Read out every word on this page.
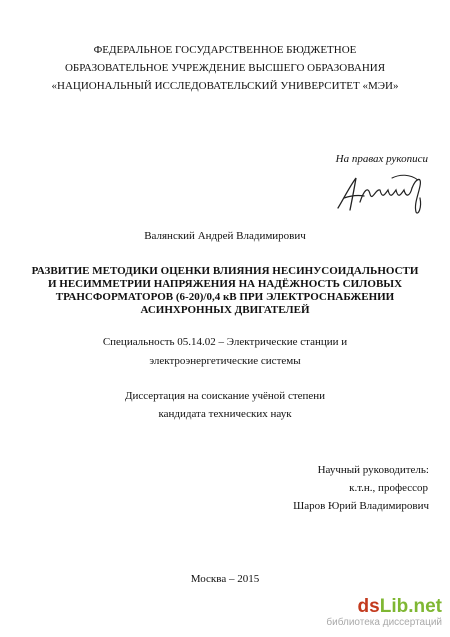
ФЕДЕРАЛЬНОЕ ГОСУДАРСТВЕННОЕ БЮДЖЕТНОЕ
ОБРАЗОВАТЕЛЬНОЕ УЧРЕЖДЕНИЕ ВЫСШЕГО ОБРАЗОВАНИЯ
«НАЦИОНАЛЬНЫЙ ИССЛЕДОВАТЕЛЬСКИЙ УНИВЕРСИТЕТ «МЭИ»
На правах рукописи
Валянский Андрей Владимирович
РАЗВИТИЕ МЕТОДИКИ ОЦЕНКИ ВЛИЯНИЯ НЕСИНУСОИДАЛЬНОСТИ
И НЕСИММЕТРИИ НАПРЯЖЕНИЯ НА НАДЁЖНОСТЬ СИЛОВЫХ
ТРАНСФОРМАТОРОВ (6-20)/0,4 кВ ПРИ ЭЛЕКТРОСНАБЖЕНИИ
АСИНХРОННЫХ ДВИГАТЕЛЕЙ
Специальность 05.14.02 – Электрические станции и
электроэнергетические системы
Диссертация на соискание учёной степени
кандидата технических наук
Научный руководитель:
к.т.н., профессор
Шаров Юрий Владимирович
Москва – 2015
dsLib.net
библиотека диссертаций
